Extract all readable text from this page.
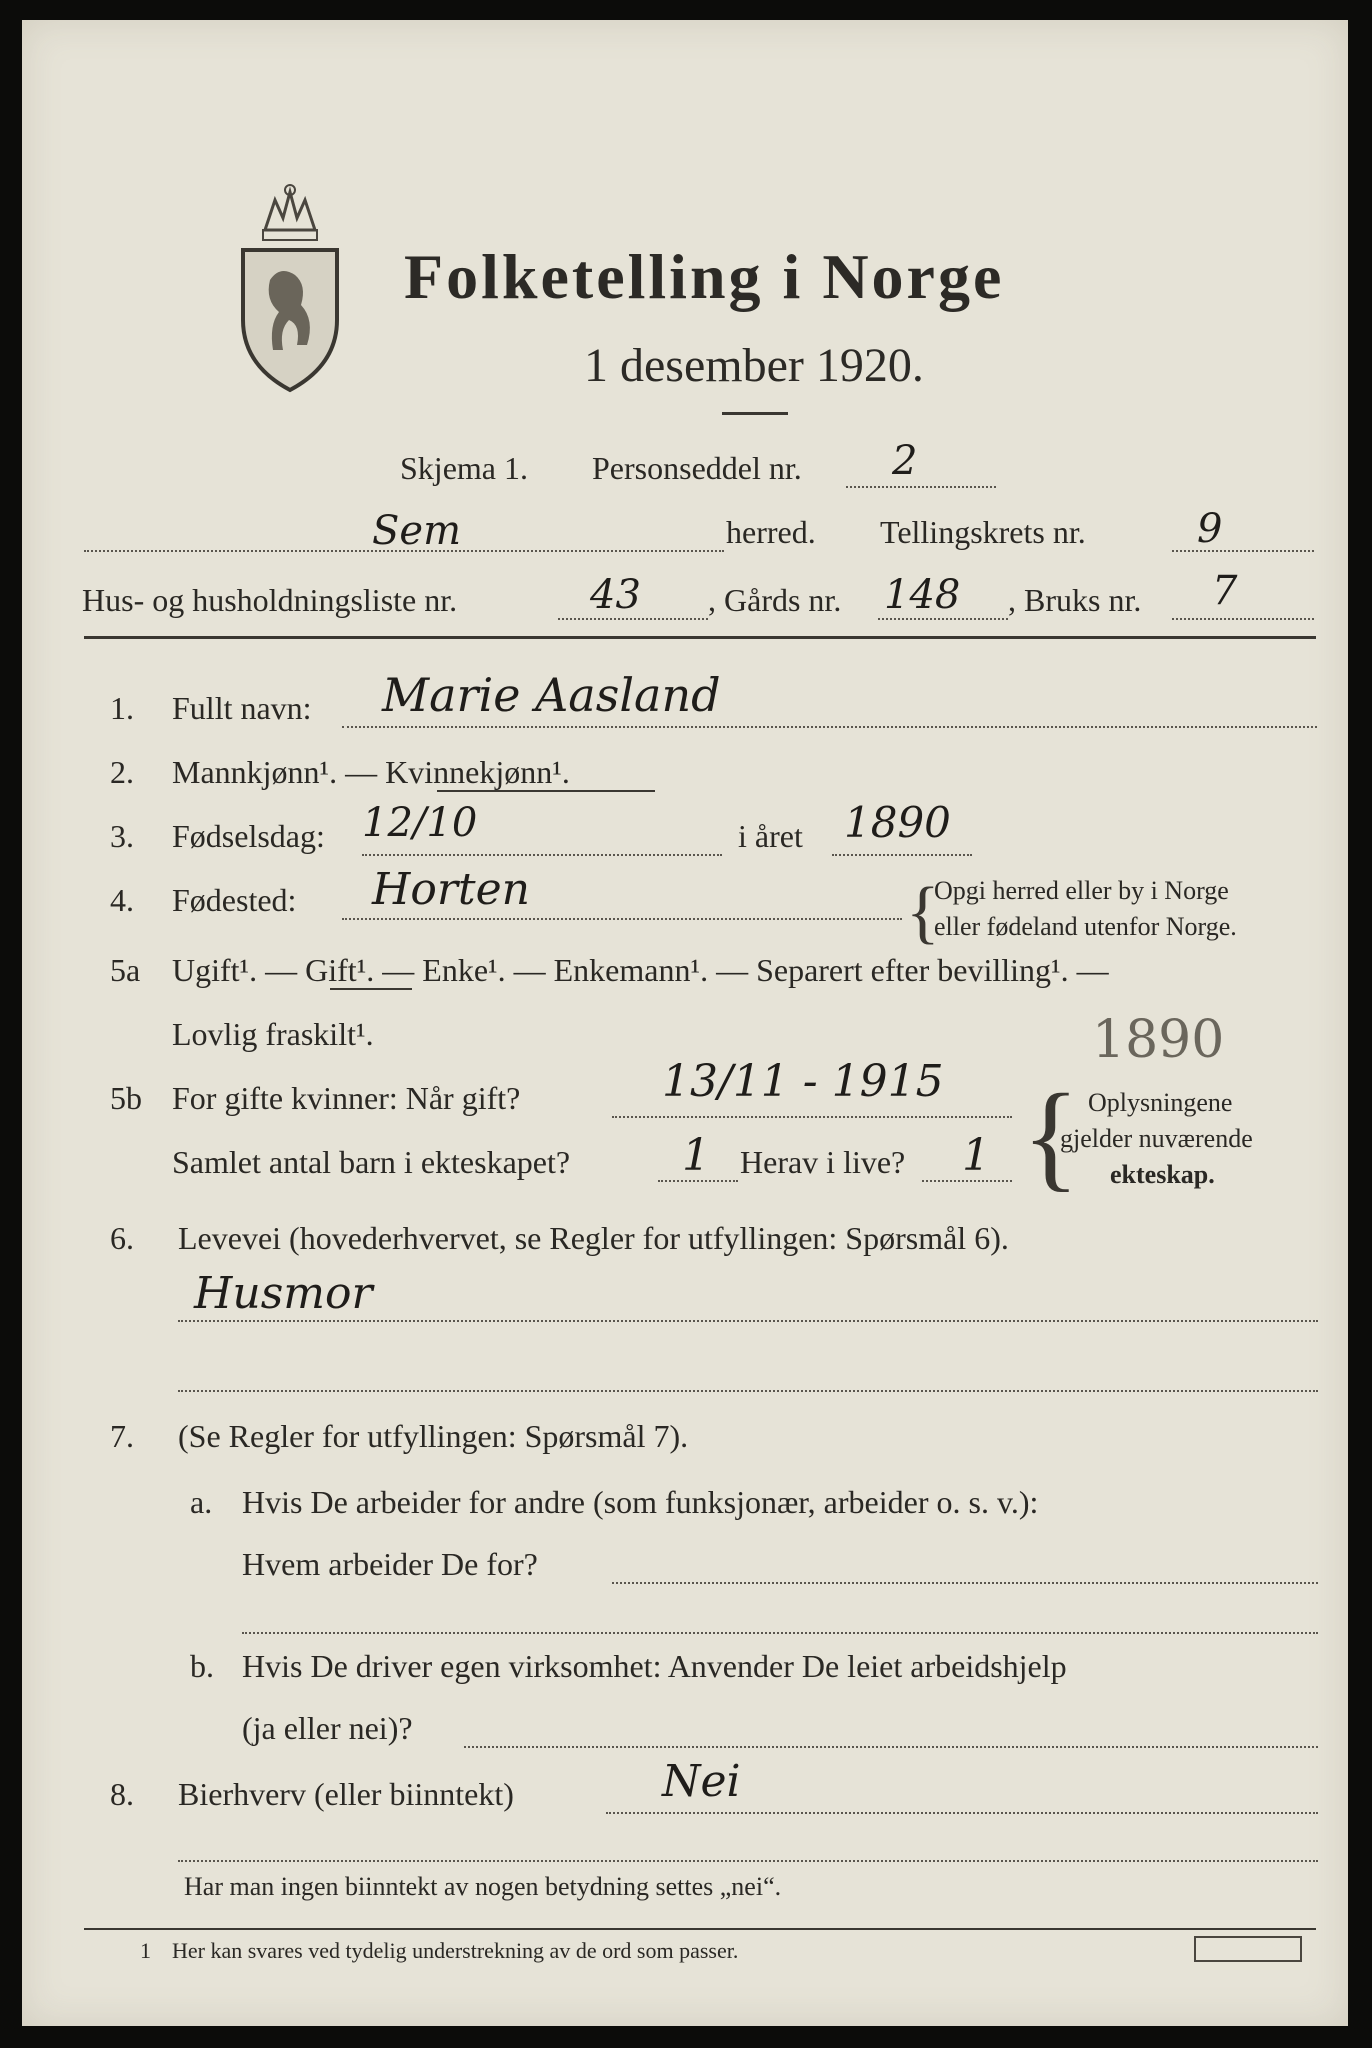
Folketelling i Norge
1 desember 1920.
Skjema 1. Personseddel nr. 2
Sem	herred. Tellingskrets nr.	9
Hus- og husholdningsliste nr.	43 , Gårds nr. 148 , Bruks nr. 7
1. Fullt navn: Marie Aasland
2. Mannkjønn¹. — Kvinnekjønn¹.
3. Fødselsdag: 12/10	i året 1890
4. Fødested: Horten	{
Opgi herred eller by i Norge
eller fødeland utenfor Norge.
5a Ugift¹. — Gift¹. — Enke¹. — Enkemann¹. — Separert efter bevilling¹. —
Lovlig fraskilt¹.	1890
5b For gifte kvinner: Når gift?	13/11 - 1915
Samlet antal barn i ekteskapet?	1 Herav i live? 1 { Oplysningene
gjelder nuværende
ekteskap.
6. Levevei (hovederhvervet, se Regler for utfyllingen: Spørsmål 6).
Husmor
7. (Se Regler for utfyllingen: Spørsmål 7).
a. Hvis De arbeider for andre (som funksjonær, arbeider o. s. v.):
Hvem arbeider De for?
b. Hvis De driver egen virksomhet: Anvender De leiet arbeidshjelp
(ja eller nei)?
8. Bierhverv (eller biinntekt)	Nei
Har man ingen biinntekt av nogen betydning settes „nei“.
1 Her kan svares ved tydelig understrekning av de ord som passer.
